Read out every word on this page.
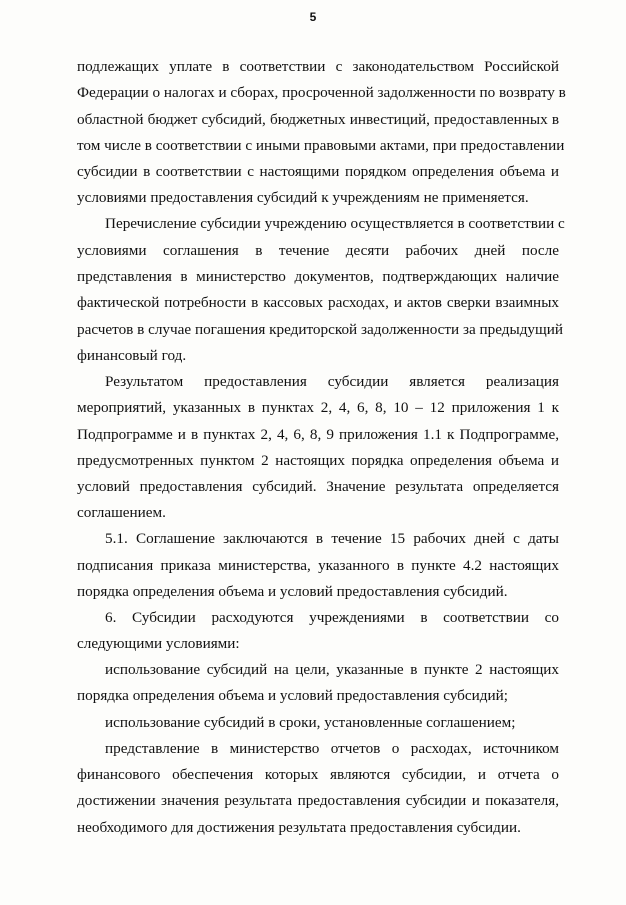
5
подлежащих уплате в соответствии с законодательством Российской
Федерации о налогах и сборах, просроченной задолженности по возврату в
областной бюджет субсидий, бюджетных инвестиций, предоставленных в
том числе в соответствии с иными правовыми актами, при предоставлении
субсидии в соответствии с настоящими порядком определения объема и
условиями предоставления субсидий к учреждениям не применяется.
Перечисление субсидии учреждению осуществляется в соответствии с
условиями соглашения в течение десяти рабочих дней после
представления в министерство документов, подтверждающих наличие
фактической потребности в кассовых расходах, и актов сверки взаимных
расчетов в случае погашения кредиторской задолженности за предыдущий
финансовый год.
Результатом предоставления субсидии является реализация
мероприятий, указанных в пунктах 2, 4, 6, 8, 10 – 12 приложения 1 к
Подпрограмме и в пунктах 2, 4, 6, 8, 9 приложения 1.1 к Подпрограмме,
предусмотренных пунктом 2 настоящих порядка определения объема и
условий предоставления субсидий. Значение результата определяется
соглашением.
5.1. Соглашение заключаются в течение 15 рабочих дней с даты
подписания приказа министерства, указанного в пункте 4.2 настоящих
порядка определения объема и условий предоставления субсидий.
6. Субсидии расходуются учреждениями в соответствии со
следующими условиями:
использование субсидий на цели, указанные в пункте 2 настоящих
порядка определения объема и условий предоставления субсидий;
использование субсидий в сроки, установленные соглашением;
представление в министерство отчетов о расходах, источником
финансового обеспечения которых являются субсидии, и отчета о
достижении значения результата предоставления субсидии и показателя,
необходимого для достижения результата предоставления субсидии.
